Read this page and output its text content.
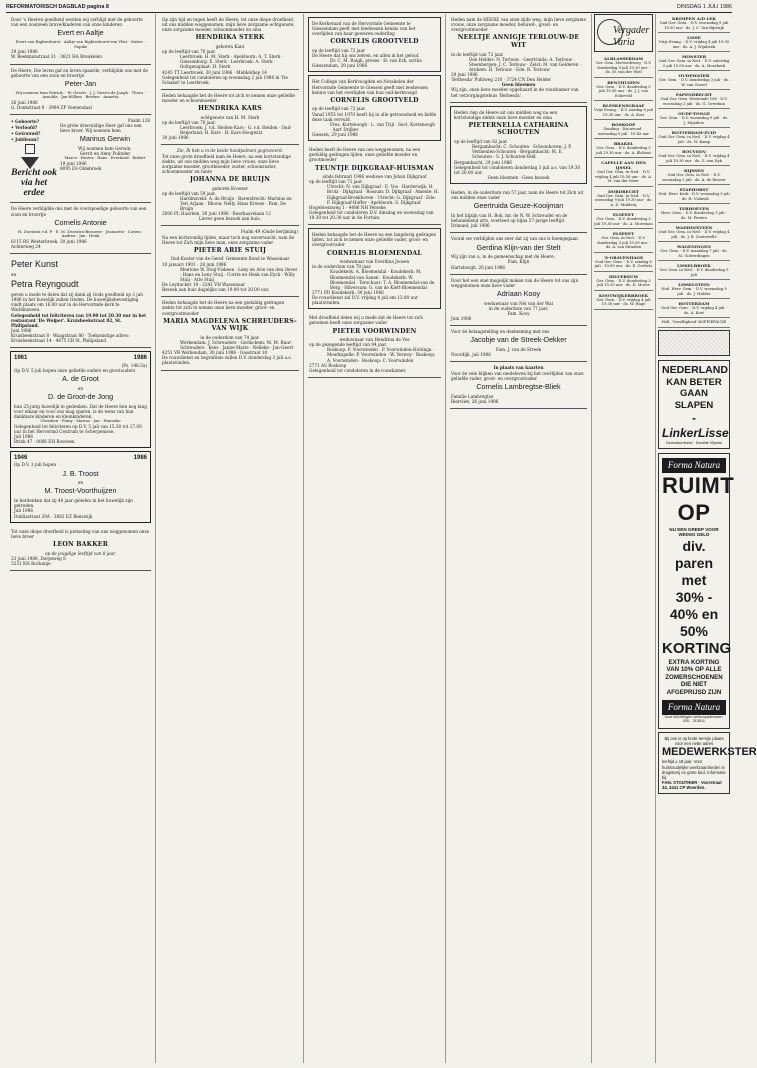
REFORMATORISCH DAGBLAD pagina 8	DINSDAG 1 JULI 1986

Door 's Heeren goedheid werden wij verblijd met de geboorte van een zoon/een brave/kinderen van onze kinderen

Evert en Aaltje

Evert van Righteshorst · Aaltje van Righteshorst-van Vliet · Sietse · Gopike

29 juni 1986

W. Beekmanstraat 31 · 3621 HA Breukelen

De Heere, Die leven gaf en leven spaarde, verblijdde ons met de geboorte van een zoon en broertje

Peter-Jan

Wij noemen hem Patrick. · W. Geerts · J. J. Geerts-de Jongh · Thera · Arnolda · Jan-Willem · Bertine · Annetta

26 juni 1986

G. Donkstraat 6 · 3904 ZP Veenendaal

• Geboorte?

• Verloofd?

• Getrouwd?

• Jubileum?

Bericht ook via het erdee

Psalm 128

De grote drievuldige Heer gaf ons een lieve broer. Wij noemen hem

Marinus Gerwin

Wij noemen hem Gerwin.

Gerrit en Anny Polinder

Marco · Hester · Hans · Everhard · Robert

19 juni 1986

8095 ES Oldebroek

De Heere verblijdde ons met de voorspoedige geboorte van een zoon en broertje

Cornelis Antonie

H. Zweistra v.d. P · E. M. Zweistra-Brouwer · Jeannette · Corien · Andrea · Jan · Henk

6115 RS Westerbroek, 30 juni 1986

Achterweg 24

Peter Kunst

en

Petra Reyngoudt

geven u mede te delen dat zij dank zij Gods goedheid op 3 juli 1986 in het huwelijk zullen treden. De huwelijksbevestiging vindt plaats om 16.00 uur in de Hervormde kerk te Waddinxveen.

Gelegenheid tot feliciteren van 19.00 tot 20.30 uur in het restaurant 'De Wolper'. Kruisbeekstraat 82, St. Philipsland.

Juni 1986

Kruisbeekstraat 8 · Waagstraat 80 · Toekomstige adres: Kruisbeekstraat 14 · 4675 CB St. Philipsland

1961	1986

(Ps. 146:5a)

Op D.V. 5 juli hopen onze geliefde ouders en grootouders

A. de Groot

en

D. de Groot-de Jong

hun 25-jarig huwelijk te gedenken. Dat de Heere hen nog lang voor elkaar en voor ons mag sparen, is de wens van hun dankbare kinderen en kleinkinderen.

Christien · Finny · Marius · Jan · Hanneke

Gelegenheid tot feliciteren op D.V. 5 juli van 15.30 tot 17.00 uur in het Hervormd Centrum te Scherpenisse.

Juli 1986

Brink 47 · 8066 EH Rouveen

1946	1986

Op D.V. 3 juli hopen

J. B. Troost

en

M. Troost-Voorthuijzen

te herdenken dat zij 40 jaar geleden in het huwelijk zijn getreden.

Juli 1986

Dahliastraat 29A · 3082 EZ Bleiswijk

Tot onze diepe droefheid is plotseling van ons weggenomen onze lieve broer

LEON BAKKER

op de jeugdige leeftijd van 8 jaar.

23 juni 1986, Dorpsweg 8

3231 KH Rockanje

Op zijn tijd en tegen heeft de Heere, tot onze diepe droefheid, uit ons midden weggenomen, mijn lieve zorgzame echtgenote, onze zorgzame moeder, schoonmoeder en oma

HENDRIKA STERK

geboren Kant

op de leeftijd van 70 jaar.

Leerbroek: H. M. Sterk · Apeldoorn: A. T. Sterk · Giessenburg: E. Sterk · Leerbroek: A. Sterk · Ooltgensplaat: H. Sterk

4245 TT Leerbroek, 30 juni 1986 · Middeldiep 14

Gelegenheid tot condoleren op woensdag 2 juli 1986 in 'De Schakel' te Leerbroek.

Heden behaagde het de Heere tot zich te nemen onze geliefde moeder en schoonmoeder

HENDRIKA KARS

echtgenote van H. M. Sterk

op de leeftijd van 70 jaar.

Leerbroek: J. v.d. Heiden-Kars · G. v.d. Heiden · Oud-Beijerland: H. Kars · H. Kars-Hoogwitz

30 juni 1986

Zie, Ik heb u in de beide handpalmen gegraveerd.

Tot onze grote droefheid nam de Heere, na een kortstondige ziekte, uit ons midden weg mijn lieve vrouw, onze lieve zorgzame moeder, grootmoeder, zuster, schoonzuster, schoonmoeder en tante

JOHANNA DE BRUIJN

geboren Kroezer

op de leeftijd van 59 jaar.

Hardinxveld: A. de Bruijn · Barendrecht: Marinus en Teri Arjaan · Rhoon: Nelly, Hans Kroeze · Pam, De Bruijn

2000 PL Haarlem, 30 juni 1986 · Boerhaavelaan 12

Liever geen bezoek aan huis.

Psalm 49 (Oude berijming)

Na een kortstondig lijden, maar toch nog onverwacht, nam de Heere tot Zich mijn lieve man, onze zorgzame vader

PIETER ARIE STUIJ

Oud-Koster van de Geref. Gemeente Bond te Wassenaar

10 januari 1901 · 28 juni 1986

Mentone W. Stuij-Visbeen · Leny en Arie van den Oever · Hans en Leny Stuij · Corrie en Henk van Eyck · Willy Stuij · Arie Stuij

De Leyducker 19 · 2241 VH Wassenaar

Bezoek aan huis dagelijks van 19.00 tot 20.00 uur.

Heden behaagde het de Heere na een geduldig gedragen ziekte tot zich te nemen onze lieve moeder, groot- en overgrootmoeder

MARIA MAGDELENA SCHREUDERS-VAN WIJK

in de ouderdom van 74 jaar.

Werkendam: J. Schreuders · Gorinchem: M. M. Buur-Schreuders · Kees · Janne-Marie · Nelleke · Jan-Geert

4251 VB Werkendam, 30 juni 1986 · Gasstraat 10

De rouwdienst en begrafenis zullen D.V. donderdag 3 juli a.s. plaatsvinden.

De Kerkeraad van de Hervormde Gemeente te Giessendam geeft met leedwezen kennis van het overlijden van haar gewezen ouderling

CORNELIS GROOTVELD

op de leeftijd van 72 jaar

De Heere dat hij ons zelven, en allen in het geloof.

Dr. C. M. Ruigk, preses · H. van Erk, scriba

Giessendam, 29 juni 1986

Het College van Kerkvoogden en Notabelen der Hervormde Gemeente te Giessen geeft met leedwezen kennis van het overlijden van hun oud-kerkvoogd

CORNELIS GROOTVELD

op de leeftijd van 72 jaar.

Vanaf 1955 tot 1970 heeft hij in alle getrouwheid en liefde deze taak vervuld.

Fres. Kortenoogh · L. van Trijl · Sect. Kortenoogh · Aart Drijber

Giessen, 29 juni 1986

Heden heeft de Heere van ons weggenomen, na een geduldig gedragen lijden, onze geliefde moeder en grootmoeder

TEUNTJE DIJKGRAAF-HUISMAN

sinds februari 1986 weduwe van Johan Dijkgraaf

op de leeftijd van 71 jaar.

Utrecht: N. van Dijkgraaf · E. Vos · Harderwijk: H. Brotz · Dijkgraaf · Rossum: D. Dijkgraaf · Ameide: H. Dijkgraaf-Broekhoven · Utrecht: G. Dijkgraaf · Ede: F. Dijkgraaf-Hoffer · Apeldoorn: S. Dijkgraaf

Hogeboomweg 1 · 4486 NH Yerseke

Gelegenheid tot condoleren D.V. dinsdag en woensdag van 19.30 tot 20.30 uur in de Fortuin.

Heden behaagde het de Heere na een langdurig gedragen lijden, tot zich te nemen onze geliefde vader, groot- en overgrootvader

CORNELIS BLOEMENDAL

weduwnaar van Everdina Joosen

in de ouderdom van 79 jaar.

Koudekerk: A. Bloemendal · Koudekerk: M. Bloemendal-van Sanen · Koudekerk: W. Bloemendal · Terschuur: T. A. Bloemendal-van de Berg · Hilversum: G. van de Kieft-Bloemendal

2771 PD Koudekerk, 30 juni 1986

De rouwdienst zal D.V. vrijdag 4 juli om 13.00 uur plaatsvinden.

Met droefheid delen wij u mede dat de Heere tot zich genomen heeft onze zorgzame vader

PIETER VOORWINDEN

weduwnaar van Hendrina de Vos

op de gezegende leeftijd van 94 jaar.

Boskoop: F. Voorwinden · P. Voorwinden-Hoitinga · Moerkapelle: P. Voorwinden · W. Verwey · Boskoop: A. Voorwinden · Boskoop: C. Voorwinden

2771 AS Boskoop

Gelegenheid tot condoleren in de rouwkamer.

Heden nam de HEERE van onze zijde weg, mijn lieve zorgzame vrouw, onze zorgzame moeder, behuwd-, groot- en overgrootmoeder

NEELTJE ANNIGJE TERLOUW-DE WIT

in de leeftijd van 72 jaar.

Den Helder: N. Terlouw · Geertruida: A. Terlouw · Steenbergen: J. C. Terlouw · Zeist: M. van Gelderen · Arnhem: H. Terlouw · Ede: R. Terlouw

29 juni 1986

'Bethesda' Pultiweg 210 · 3724 CN Den Helder

Geen bloemen

Wij zijn, onze lieve moeder opgebaard in de rouwkamer van het verzorgingstehuis 'Bethesda'.

Heden riep de Heere uit ons midden weg na een kortstondige ziekte onze lieve moeder en oma

PIETERNELLA CATHARINA SCHOUTEN

op de leeftijd van 82 jaar.

Bergambacht: C. Schouten · Schoonhoven: J. P. Vermeulen-Schouten · Bergambacht: M. E. Schouten · S. J. Schouten-Veld

Bergambacht, 29 juni 1986

Gelegenheid tot condoleren donderdag 3 juli a.s. van 19.30 tot 20.00 uur.

Geen bloemen · Geen bezoek

Heden, in de ouderdom van 57 jaar, nam de Heere tot Zich uit ons midden onze vader

Geertruida Geuze-Kooijman

In het bijzijn van H. Bok, mr. de N. W. Schreuder en de behandelend arts, overleed op bijna 57-jarige leeftijd.

Drinand, juli 1986

Vooral we verblijden ons zeer dat zij van ons is heengegaan

Gerdina Klijn-van der Stelt

Wij zijn van u, in de gemeenschap met de Heere.

Fam. Klijn

Hartsburgh, 26 juni 1986

Door het een snel mogelijk maken van de Heere tot ons zijn weggenomen onze lieve vader

Adriaan Kooy

weduwnaar van Nel van der Wal

in de ouderdom van 77 jaar.

Fam. Kooy

Juni 1986

Voor de belangstelling en deelneming met ons

Jacobje van de Streek-Dekker

Fam. J. van de Streek

Noordijk, juli 1986

In plaats van kaarten

Voor de vele blijken van medeleven bij het overlijden van onze geliefde vader, groot- en overgrootvader

Cornelis Lambregtse-Bliek

Familie Lambregtse

Biervliet, 26 juni 1986

Vergader Varia
ALBLASSERDAM
Ger. Gem. Merwedeweg · D.V. donderdag 3 juli 19.30 uur · ds. M. van der Wiel
BENTHUIZEN
Ger. Gem. · D.V. donderdag 3 juli 19.30 uur · ds. J. J. van Eckeveld
BLESKENSGRAAF
Vrije Evang. · D.V. zondag 6 juli 19.30 uur · ds. A. Kort
BOSKOOP
Zending · Dia-avond · woensdag 9 juli · 19.45 uur
BRAKEL
Ger. Gem. · D.V. donderdag 3 juli 19.30 uur · ds. A. Elshout
CAPELLE AAN DEN IJSSEL
Oud Ger. Gem. in Ned. · D.V. vrijdag 4 juli 19.30 uur · ds. A. H. van der Meer
DORDRECHT
Oud Ger. Gem. in Ned. · D.V. woensdag 9 juli 19.30 uur · ds. A. D. Mulderij
ELSPEET
Ger. Gem. · D.V. donderdag 3 juli 19.30 uur · ds. A. Moerman
ELSPEET
Ger. Gem. in Ned. · D.V. donderdag 3 juli 19.30 uur · ds. A. van Straalen
'S-GRAVENHAGE
Oud Ger. Gem. · D.V. zondag 6 juli · 19.00 uur · ds. E. Crebets
HILVERSUM
Ger. Gem. · D.V. donderdag 3 juli 19.30 uur · ds. D. Moree
KOOTWIJKERBROEK
Ger. Gem. · D.V. vrijdag 4 juli 19.30 uur · ds. W. Hage
KRIMPEN A/D LEK
Oud Ger. Gem. · D.V. woensdag 9 juli 19.30 uur · ds. J. C. Van Rijswijk
LISSE
Vrije Evang. · D.V. vrijdag 4 juli 19.30 uur · ds. A. J. Wijnbeek
MONSTER
Oud Ger. Gem. in Ned. · D.V. zaterdag 5 juli 15.00 uur · ds. A. Moerkerk
OUDEWATER
Ger. Gem. · D.V. donderdag 3 juli · ds. W. van Gorsel
PAPENDRECHT
Oud Ger. Gem. Westeinde 106 · D.V. woensdag 2 juli · ds. G. Overduin
OUDE-TONGE
Ger. Gem. · D.V. woensdag 9 juli · ds. J. Mijnders
ROTTERDAM-ZUID
Oud Ger. Gem. in Ned. · D.V. vrijdag 4 juli · ds. W. Kamp
ROUVEEN
Oud Ger. Gem. in Ned. · D.V. vrijdag 4 juli 19.30 uur · ds. G. van Dyk
RIJSSEN
Oud Ger. Gem. in Ned. · D.V. woensdag 2 juli · ds. A. de Reuver
STAPHORST
Ned. Herv. Kerk · D.V. woensdag 9 juli · ds. H. Visbeek
TERHOEVEN
Herv. Gem. · D.V. donderdag 3 juli · ds. M. Pieters
WADDINXVEEN
Oud Ger. Gem. in Ned. · D.V. vrijdag 4 juli · ds. J. B. Zoutewelle
WAGENINGEN
Ger. Gem. · D.V. maandag 7 juli · ds. M. Golverdingen
LISSELBROEK
Ger. Gem. in Ned. · D.V. donderdag 3 juli
LISSELSTEIN
Ned. Herv. Gem. · D.V. woensdag 9 juli · ds. J. Mulder
ROTTERDAM
Oud Ger. Gem. · D.V. vrijdag 4 juli · ds. A. Kort
Holl. 'Gezelligheid' KOFFIEPAUZE
NEDERLAND
KAN BETER
GAAN SLAPEN
-LinkerLisse
Gerestaurdeerd · Sonette Vlijmen
Forma Natura
RUIMT OP
NU EEN GREEP VOOR WEINIG GELD
div. paren met
30% - 40% en 50%
KORTING
EXTRA KORTING VAN 10% OP ALLE ZOMERSCHOENEN DIE NIET AFGEPRIJSD ZIJN
Forma Natura
Voor inlichtingen verkoopadressen: 030 - 313511

Bij ons is op korte termijn plaats voor een nette adres

MEDEWERKSTER

leeftijd ± 18 jaar. Voor huishoudelijke werkzaamheden in drogisterij en grote bed. Informatie bij:

FAM. STOUTHIER · Voorstraat 34, 3441 CP Woerden.
